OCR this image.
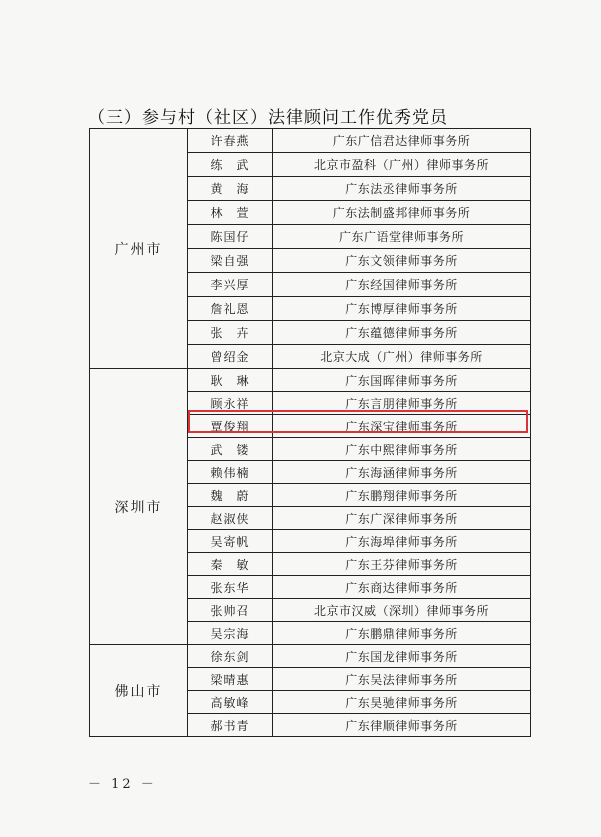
（三）参与村（社区）法律顾问工作优秀党员
广州市	许春燕	广东广信君达律师事务所
	练　武	北京市盈科（广州）律师事务所
	黄　海	广东法丞律师事务所
	林　萱	广东法制盛邦律师事务所
	陈国仔	广东广语堂律师事务所
	梁自强	广东文领律师事务所
	李兴厚	广东经国律师事务所
	詹礼恩	广东博厚律师事务所
	张　卉	广东蕴德律师事务所
	曾绍金	北京大成（广州）律师事务所
深圳市	耿　琳	广东国晖律师事务所
	顾永祥	广东言朋律师事务所
	覃俊翔	广东深宝律师事务所
	武　镂	广东中熙律师事务所
	赖伟楠	广东海涵律师事务所
	魏　蔚	广东鹏翔律师事务所
	赵淑侠	广东广深律师事务所
	吴寄帆	广东海埠律师事务所
	秦　敏	广东王芬律师事务所
	张东华	广东商达律师事务所
	张帅召	北京市汉威（深圳）律师事务所
	吴宗海	广东鹏鼎律师事务所
佛山市	徐东剑	广东国龙律师事务所
	梁晴惠	广东吴法律师事务所
	高敏峰	广东昊驰律师事务所
	郝书青	广东律顺律师事务所
－ 12 －
